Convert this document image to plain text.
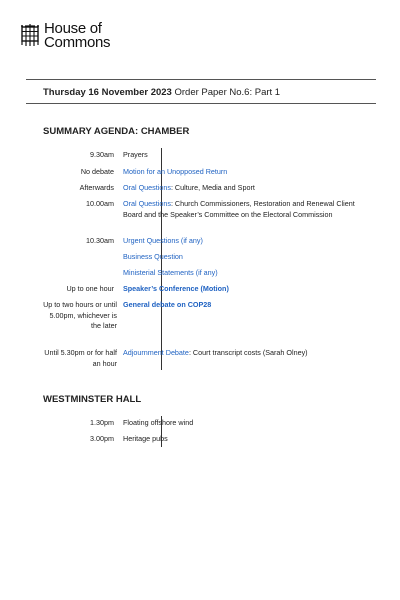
House of
Commons
Thursday 16 November 2023 Order Paper No.6: Part 1
SUMMARY AGENDA: CHAMBER
9.30am Prayers
No debate Motion for an Unopposed Return
Afterwards Oral Questions: Culture, Media and Sport
10.00am Oral Questions: Church Commissioners, Restoration and Renewal Client Board and the Speaker’s Committee on the Electoral Commission
10.30am Urgent Questions (if any)
Business Question
Ministerial Statements (if any)
Up to one hour Speaker’s Conference (Motion)
Up to two hours or until 5.00pm, whichever is the later
General debate on COP28
Until 5.30pm or for half an hour
Adjournment Debate: Court transcript costs (Sarah Olney)
WESTMINSTER HALL
1.30pm Floating offshore wind
3.00pm Heritage pubs
